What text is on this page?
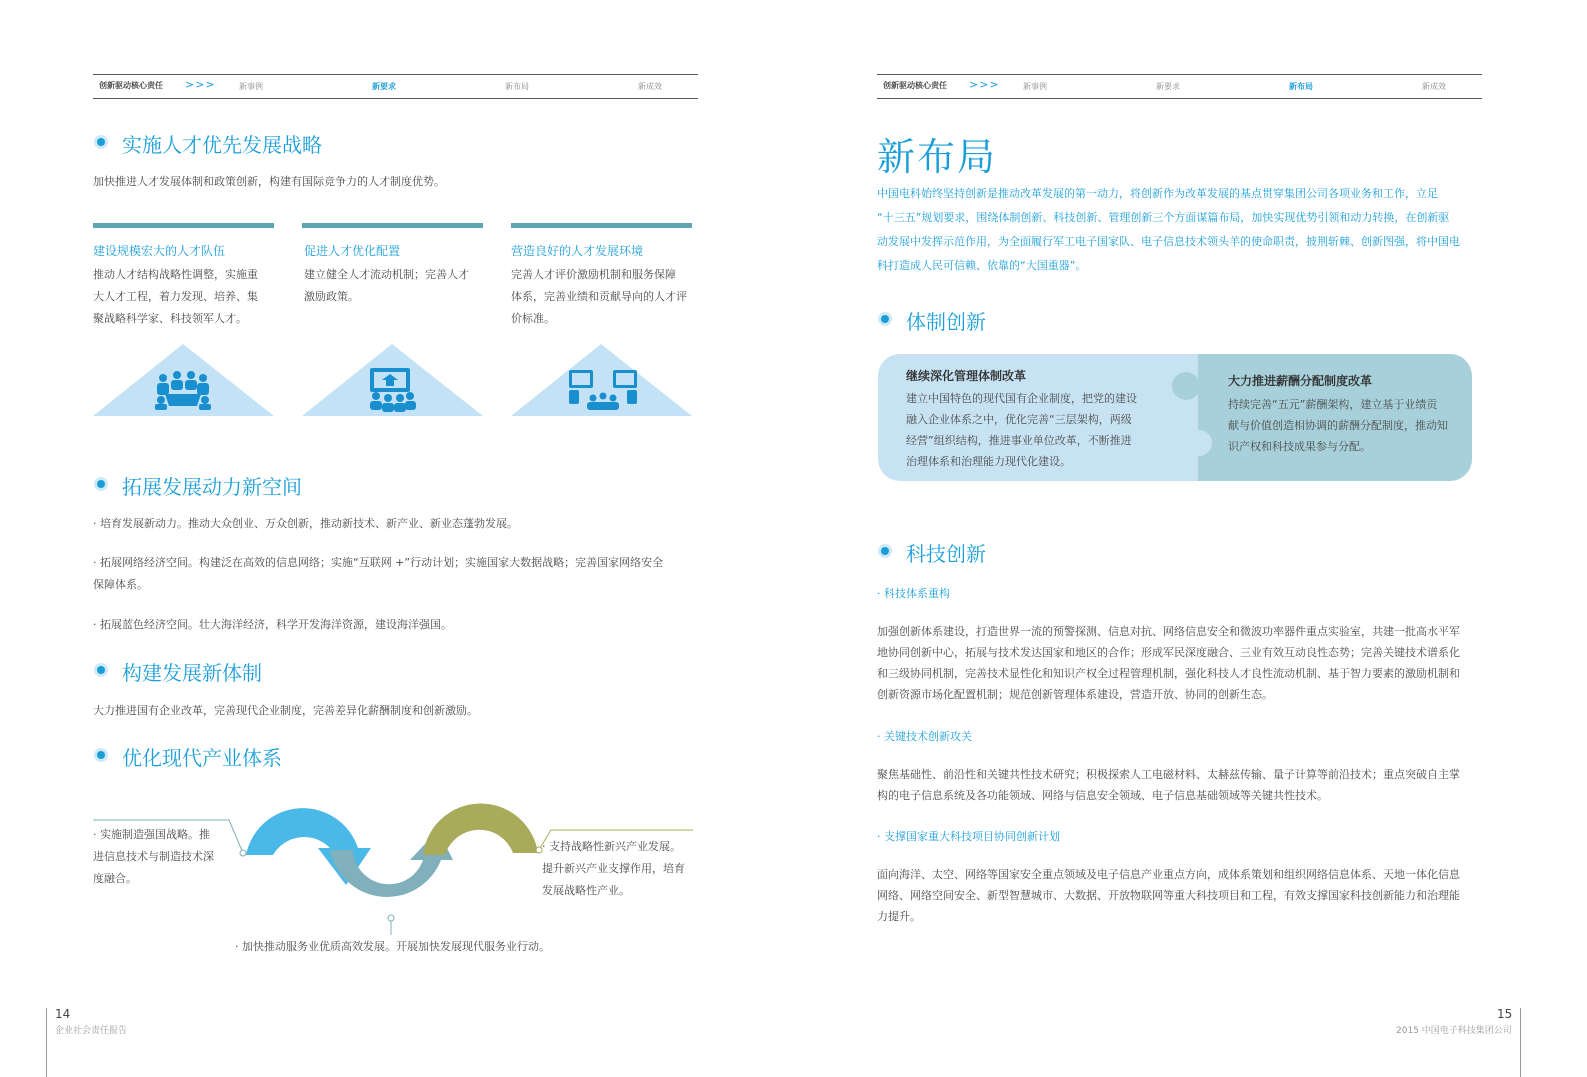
创新驱动核心责任 >>>	新事例	新要求	新布局	新成效	创新驱动核心责任 >>>	新事例	新要求	新布局	新成效
实施人才优先发展战略
加快推进人才发展体制和政策创新，构建有国际竞争力的人才制度优势。
建设规模宏大的人才队伍	促进人才优化配置	营造良好的人才发展环境
推动人才结构战略性调整，实施重
大人才工程，着力发现、培养、集
聚战略科学家、科技领军人才。
建立健全人才流动机制；完善人才
激励政策。
完善人才评价激励机制和服务保障
体系，完善业绩和贡献导向的人才评
价标准。
拓展发展动力新空间
· 培育发展新动力。推动大众创业、万众创新，推动新技术、新产业、新业态蓬勃发展。
· 拓展网络经济空间。构建泛在高效的信息网络；实施“互联网 +”行动计划；实施国家大数据战略；完善国家网络安全
保障体系。
· 拓展蓝色经济空间。壮大海洋经济，科学开发海洋资源，建设海洋强国。
构建发展新体制
大力推进国有企业改革，完善现代企业制度，完善差异化薪酬制度和创新激励。
优化现代产业体系
· 实施制造强国战略。推
进信息技术与制造技术深
度融合。
· 支持战略性新兴产业发展。
提升新兴产业支撑作用，培育
发展战略性产业。
· 加快推动服务业优质高效发展。开展加快发展现代服务业行动。
新布局
中国电科始终坚持创新是推动改革发展的第一动力，将创新作为改革发展的基点贯穿集团公司各项业务和工作，立足
“十三五”规划要求，围绕体制创新、科技创新、管理创新三个方面谋篇布局，加快实现优势引领和动力转换，在创新驱
动发展中发挥示范作用，为全面履行军工电子国家队、电子信息技术领头羊的使命职责，披荆斩棘、创新图强，将中国电
科打造成人民可信赖、依靠的“大国重器”。
体制创新
继续深化管理体制改革
建立中国特色的现代国有企业制度，把党的建设
融入企业体系之中，优化完善“三层架构，两级
经营”组织结构，推进事业单位改革，不断推进
治理体系和治理能力现代化建设。
大力推进薪酬分配制度改革
持续完善“五元”薪酬架构，建立基于业绩贡
献与价值创造相协调的薪酬分配制度，推动知
识产权和科技成果参与分配。
科技创新
· 科技体系重构
加强创新体系建设，打造世界一流的预警探测、信息对抗、网络信息安全和微波功率器件重点实验室，共建一批高水平军
地协同创新中心，拓展与技术发达国家和地区的合作；形成军民深度融合、三业有效互动良性态势；完善关键技术谱系化
和三级协同机制，完善技术显性化和知识产权全过程管理机制，强化科技人才良性流动机制、基于智力要素的激励机制和
创新资源市场化配置机制；规范创新管理体系建设，营造开放、协同的创新生态。
· 关键技术创新攻关
聚焦基础性、前沿性和关键共性技术研究；积极探索人工电磁材料、太赫兹传输、量子计算等前沿技术；重点突破自主掌
构的电子信息系统及各功能领域、网络与信息安全领域、电子信息基础领域等关键共性技术。
· 支撑国家重大科技项目协同创新计划
面向海洋、太空、网络等国家安全重点领域及电子信息产业重点方向，成体系策划和组织网络信息体系、天地一体化信息
网络、网络空间安全、新型智慧城市、大数据、开放物联网等重大科技项目和工程，有效支撑国家科技创新能力和治理能
力提升。
14
企业社会责任报告
15
2015 中国电子科技集团公司
